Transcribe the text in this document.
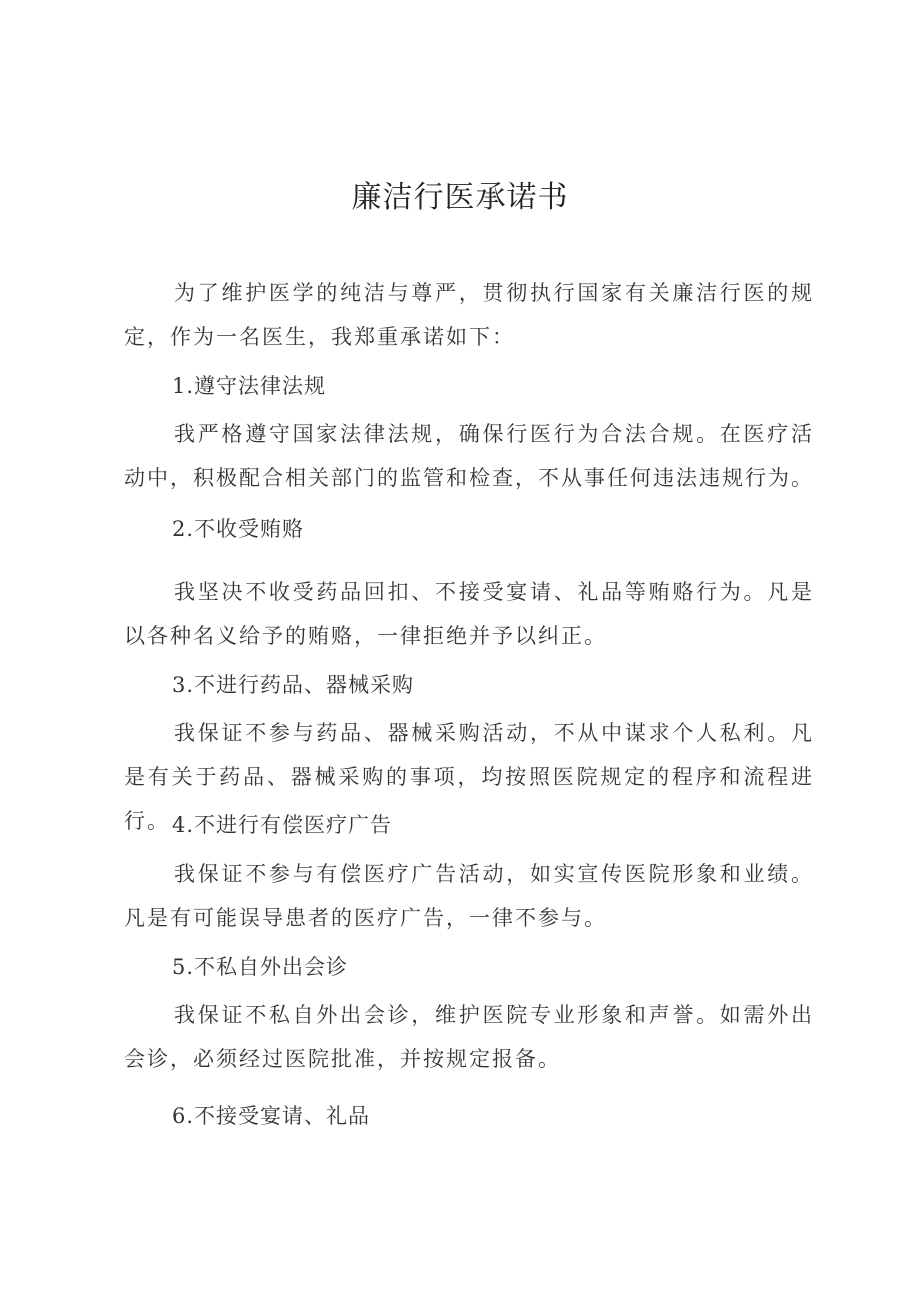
廉洁行医承诺书

为了维护医学的纯洁与尊严，贯彻执行国家有关廉洁行医的规定，作为一名医生，我郑重承诺如下：

1.遵守法律法规

我严格遵守国家法律法规，确保行医行为合法合规。在医疗活动中，积极配合相关部门的监管和检查，不从事任何违法违规行为。

2.不收受贿赂

我坚决不收受药品回扣、不接受宴请、礼品等贿赂行为。凡是以各种名义给予的贿赂，一律拒绝并予以纠正。

3.不进行药品、器械采购

我保证不参与药品、器械采购活动，不从中谋求个人私利。凡是有关于药品、器械采购的事项，均按照医院规定的程序和流程进行。 4.不进行有偿医疗广告

我保证不参与有偿医疗广告活动，如实宣传医院形象和业绩。凡是有可能误导患者的医疗广告，一律不参与。

5.不私自外出会诊

我保证不私自外出会诊，维护医院专业形象和声誉。如需外出会诊，必须经过医院批准，并按规定报备。

6.不接受宴请、礼品
